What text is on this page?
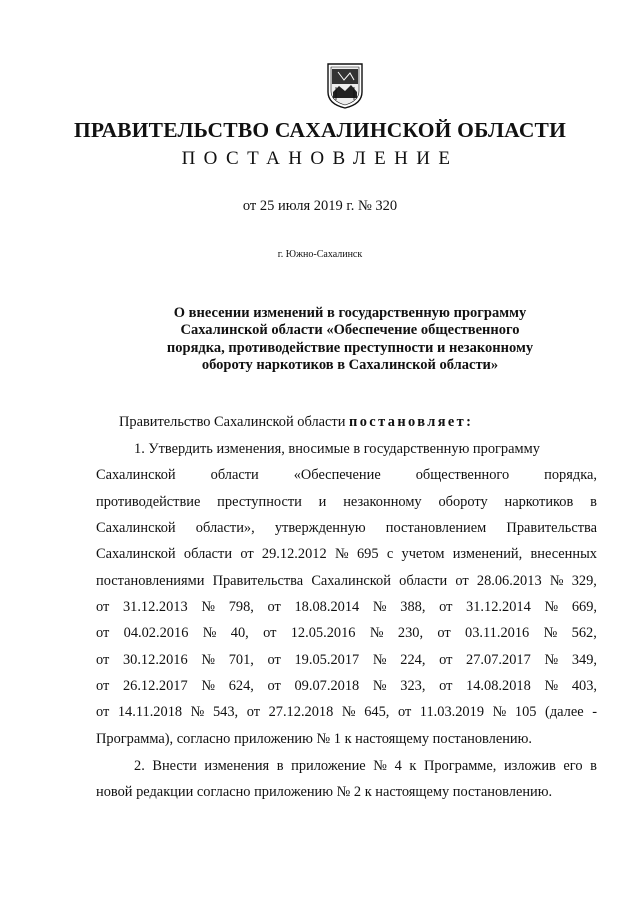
ПРАВИТЕЛЬСТВО САХАЛИНСКОЙ ОБЛАСТИ
ПОСТАНОВЛЕНИЕ
от 25 июля 2019 г. № 320
г. Южно-Сахалинск
О внесении изменений в государственную программу
Сахалинской области «Обеспечение общественного
порядка, противодействие преступности и незаконному
обороту наркотиков в Сахалинской области»
Правительство Сахалинской области постановляет:
1. Утвердить изменения, вносимые в государственную программу
Сахалинской области «Обеспечение общественного порядка,
противодействие преступности и незаконному обороту наркотиков в
Сахалинской области», утвержденную постановлением Правительства
Сахалинской области от 29.12.2012 № 695 с учетом изменений, внесенных
постановлениями Правительства Сахалинской области от 28.06.2013 № 329,
от 31.12.2013 № 798, от 18.08.2014 № 388, от 31.12.2014 № 669,
от 04.02.2016 № 40, от 12.05.2016 № 230, от 03.11.2016 № 562,
от 30.12.2016 № 701, от 19.05.2017 № 224, от 27.07.2017 № 349,
от 26.12.2017 № 624, от 09.07.2018 № 323, от 14.08.2018 № 403,
от 14.11.2018 № 543, от 27.12.2018 № 645, от 11.03.2019 № 105 (далее -
Программа), согласно приложению № 1 к настоящему постановлению.
2. Внести изменения в приложение № 4 к Программе, изложив его в
новой редакции согласно приложению № 2 к настоящему постановлению.
